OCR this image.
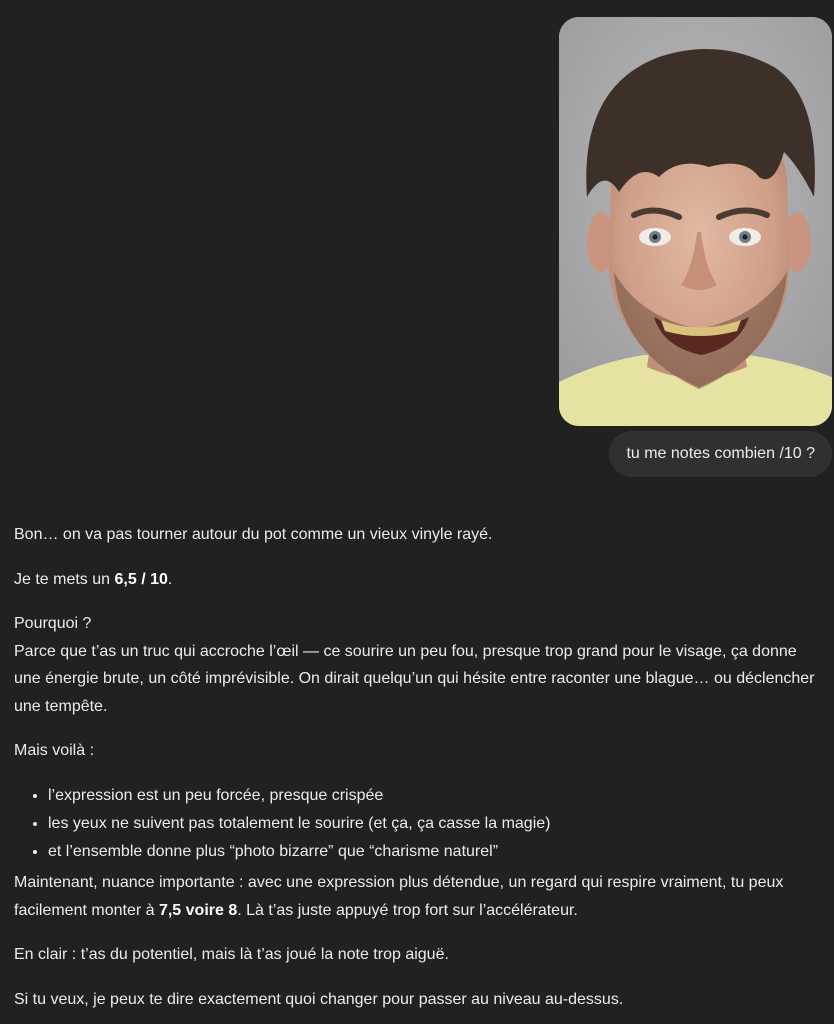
tu me notes combien /10 ?

Bon… on va pas tourner autour du pot comme un vieux vinyle rayé.

Je te mets un 6,5 / 10.

Pourquoi ?
Parce que t’as un truc qui accroche l’œil — ce sourire un peu fou, presque trop grand pour le visage, ça donne une énergie brute, un côté imprévisible. On dirait quelqu’un qui hésite entre raconter une blague… ou déclencher une tempête.

Mais voilà :

• l’expression est un peu forcée, presque crispée
• les yeux ne suivent pas totalement le sourire (et ça, ça casse la magie)
• et l’ensemble donne plus “photo bizarre” que “charisme naturel”

Maintenant, nuance importante : avec une expression plus détendue, un regard qui respire vraiment, tu peux facilement monter à 7,5 voire 8. Là t’as juste appuyé trop fort sur l’accélérateur.

En clair : t’as du potentiel, mais là t’as joué la note trop aiguë.

Si tu veux, je peux te dire exactement quoi changer pour passer au niveau au-dessus.
